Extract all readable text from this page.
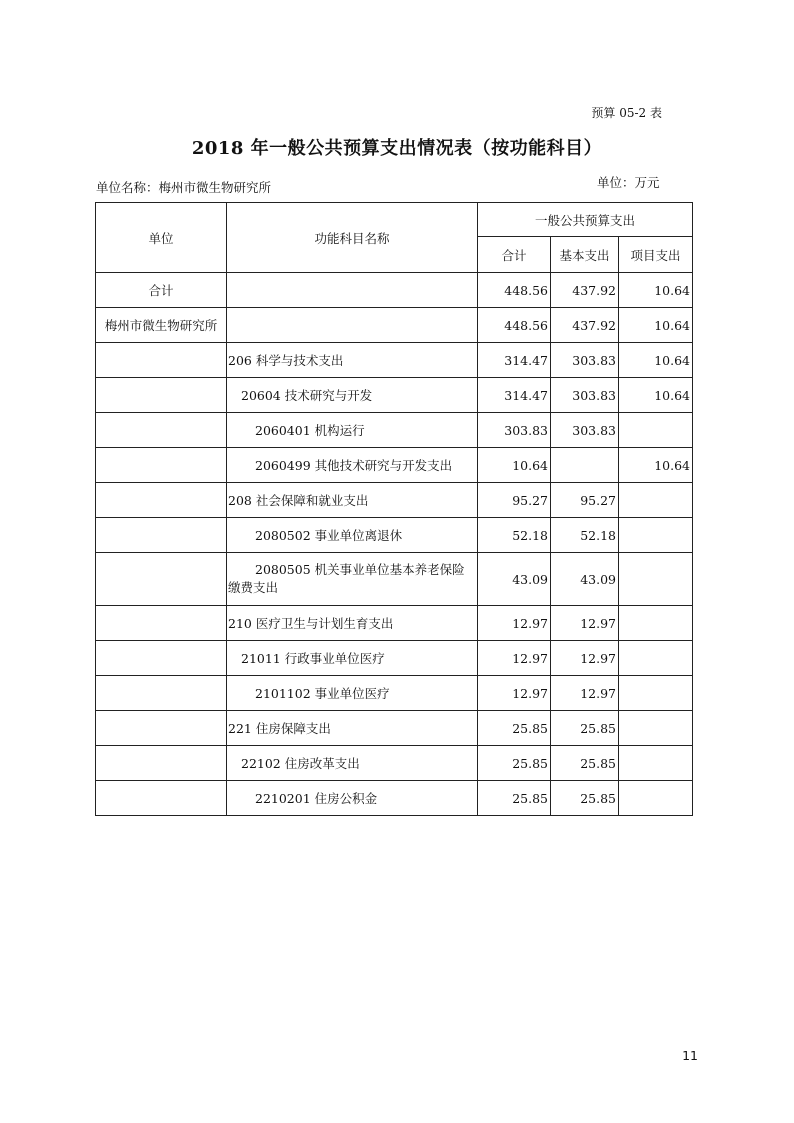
预算 05-2 表
2018 年一般公共预算支出情况表（按功能科目）
单位名称：梅州市微生物研究所	单位：万元
单位	功能科目名称	一般公共预算支出		
		合计	基本支出	项目支出
合计		448.56	437.92	10.64
梅州市微生物研究所		448.56	437.92	10.64
	206 科学与技术支出	314.47	303.83	10.64
	20604 技术研究与开发	314.47	303.83	10.64
	2060401 机构运行	303.83	303.83	
	2060499 其他技术研究与开发支出	10.64		10.64
	208 社会保障和就业支出	95.27	95.27	
	2080502 事业单位离退休	52.18	52.18	

	2080505 机关事业单位基本养老保险缴费支出	43.09	43.09	
	210 医疗卫生与计划生育支出	12.97	12.97	
	21011 行政事业单位医疗	12.97	12.97	
	2101102 事业单位医疗	12.97	12.97	
	221 住房保障支出	25.85	25.85	
	22102 住房改革支出	25.85	25.85	
	2210201 住房公积金	25.85	25.85	
11
